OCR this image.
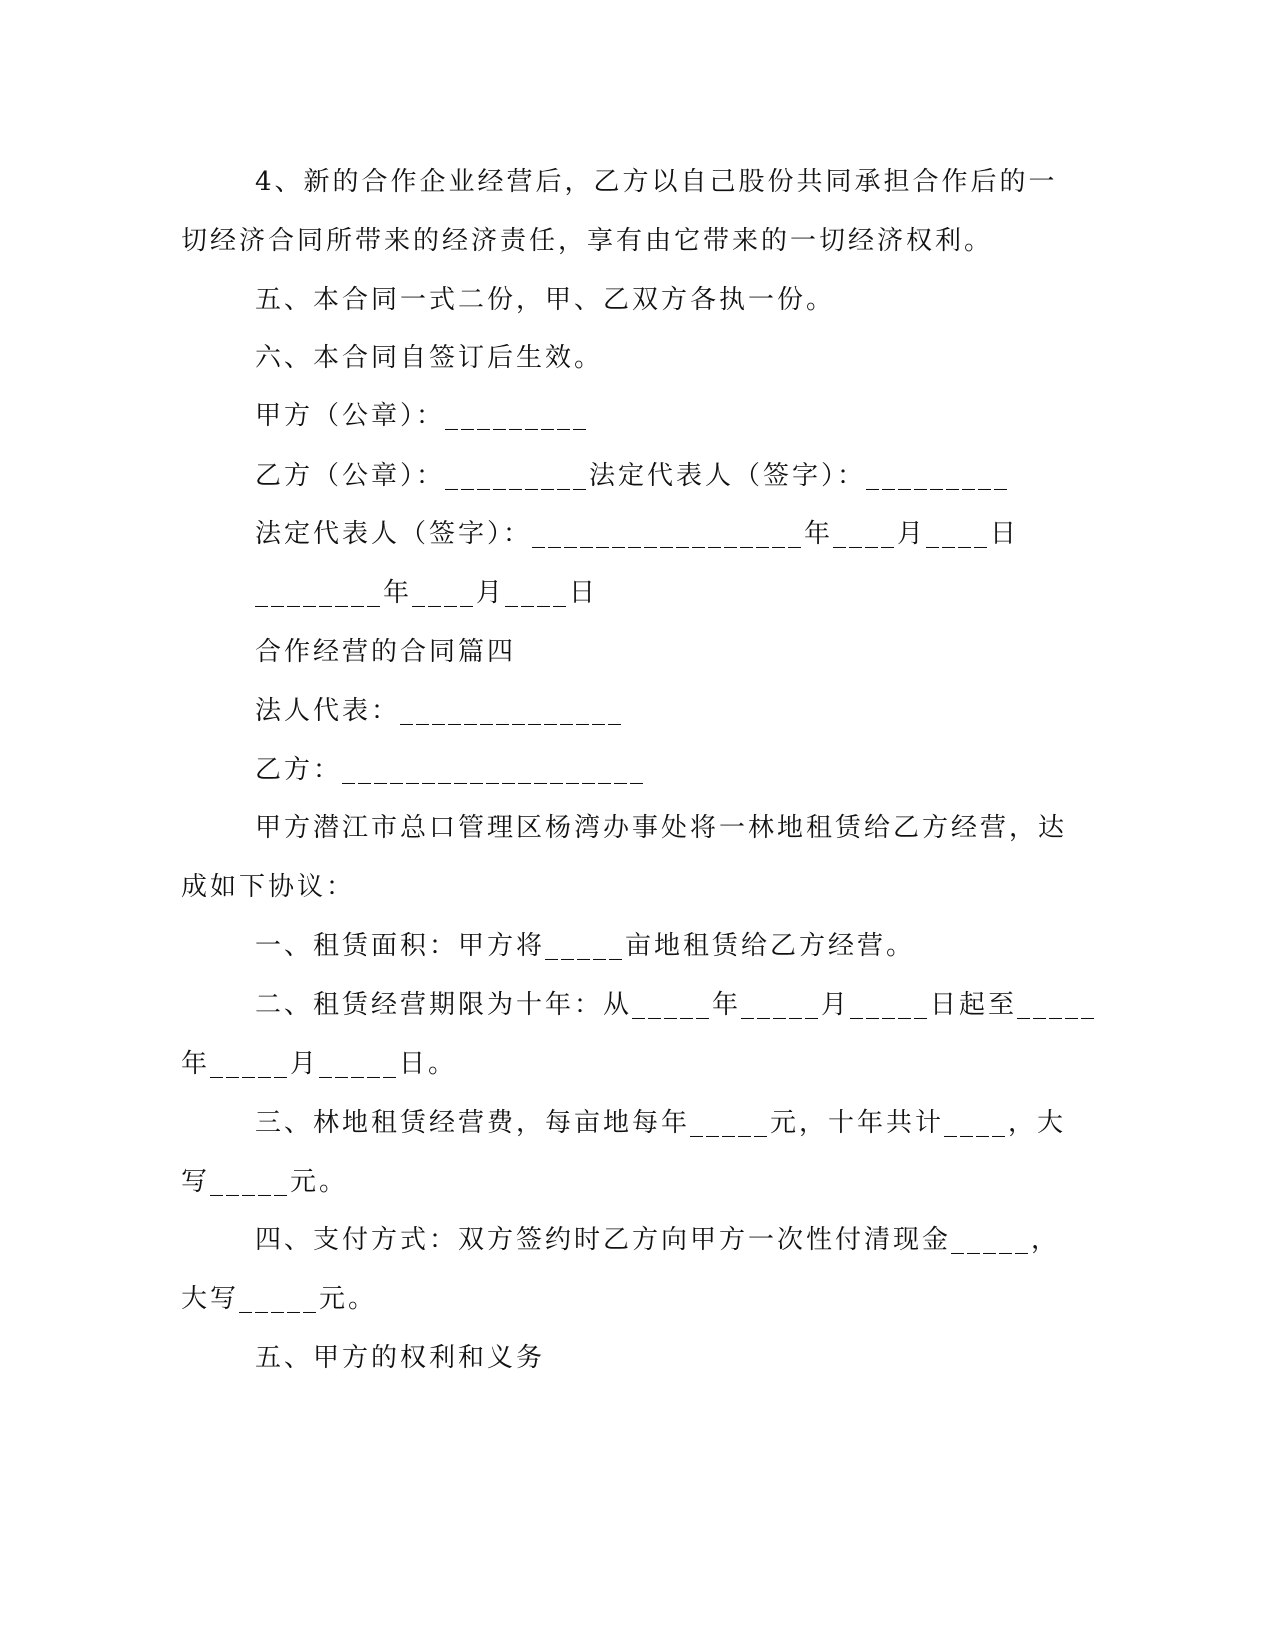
4、新的合作企业经营后，乙方以自己股份共同承担合作后的一
切经济合同所带来的经济责任，享有由它带来的一切经济权利。
五、本合同一式二份，甲、乙双方各执一份。
六、本合同自签订后生效。
甲方（公章）：_________
乙方（公章）：_________法定代表人（签字）：_________
法定代表人（签字）：_________________年____月____日
________年____月____日
合作经营的合同篇四
法人代表：______________
乙方：___________________
甲方潜江市总口管理区杨湾办事处将一林地租赁给乙方经营，达
成如下协议：
一、租赁面积：甲方将_____亩地租赁给乙方经营。
二、租赁经营期限为十年：从_____年_____月_____日起至_____
年_____月_____日。
三、林地租赁经营费，每亩地每年_____元，十年共计____，大
写_____元。
四、支付方式：双方签约时乙方向甲方一次性付清现金_____，
大写_____元。
五、甲方的权利和义务
